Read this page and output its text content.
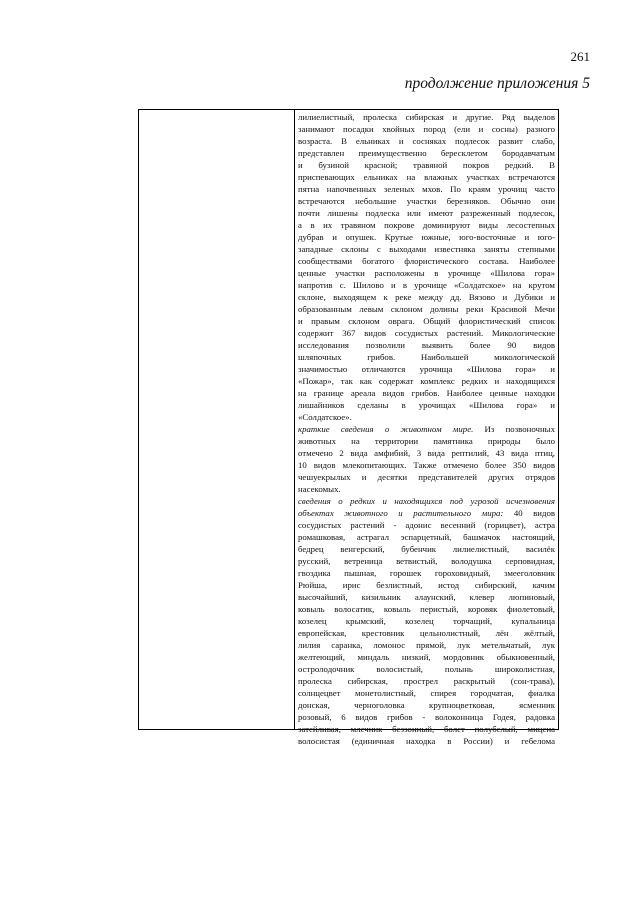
261
продолжение приложения 5
лилиелистный, пролеска сибирская и другие. Ряд выделов
занимают посадки хвойных пород (ели и сосны) разного
возраста. В ельниках и сосняках подлесок развит слабо,
представлен преимущественно бересклетом бородавчатым
и бузиной красной; травяной покров редкий. В
приспевающих ельниках на влажных участках встречаются
пятна напочвенных зеленых мхов. По краям урочищ часто
встречаются небольшие участки березняков. Обычно они
почти лишены подлеска или имеют разреженный подлесок,
а в их травяном покрове доминируют виды лесостепных
дубрав и опушек. Крутые южные, юго-восточные и юго-
западные склоны с выходами известняка заняты степными
сообществами богатого флористического состава. Наиболее
ценные участки расположены в урочище «Шилова гора»
напротив с. Шилово и в урочище «Солдатское» на крутом
склоне, выходящем к реке между дд. Вязово и Дубики и
образованным левым склоном долины реки Красивой Мечи
и правым склоном оврага. Общий флористический список
содержит 367 видов сосудистых растений. Микологические
исследования позволили выявить более 90 видов
шляпочных грибов. Наибольшей микологической
значимостью отличаются урочища «Шилова гора» и
«Пожар», так как содержат комплекс редких и находящихся
на границе ареала видов грибов. Наиболее ценные находки
лишайников сделаны в урочищах «Шилова гора» и
«Солдатское».
краткие сведения о животном мире. Из позвоночных
животных на территории памятника природы было
отмечено 2 вида амфибий, 3 вида рептилий, 43 вида птиц,
10 видов млекопитающих. Также отмечено более 350 видов
чешуекрылых и десятки представителей других отрядов
насекомых.
сведения о редких и находящихся под угрозой исчезновения
объектах животного и растительного мира: 40 видов
сосудистых растений - адонис весенний (горицвет), астра
ромашковая, астрагал эспарцетный, башмачок настоящий,
бедрец венгерский, бубенчик лилиелистный, василёк
русский, ветреница ветвистый, володушка серповидная,
гвоздика пышная, горошек гороховидный, змееголовник
Рюйша, ирис безлистный, истод сибирский, качим
высочайший, кизильник алаунский, клевер люпиновый,
ковыль волосатик, ковыль перистый, коровяк фиолетовый,
козелец крымский, козелец торчащий, купальница
европейская, крестовник цельнолистный, лён жёлтый,
лилия саранка, ломонос прямой, лук метельчатый, лук
желтеющий, миндаль низкий, мордовник обыкновенный,
остролодочник волосистый, полынь широколистная,
пролеска сибирская, прострел раскрытый (сон-трава),
солнцецвет монетолистный, спирея городчатая, фиалка
донская, черноголовка крупноцветковая, ясменник
розовый, 6 видов грибов - волоконница Годея, радовка
затейливая, млечник беззонный, болет полубелый, мицена
волосистая (единичная находка в России) и гебелома
